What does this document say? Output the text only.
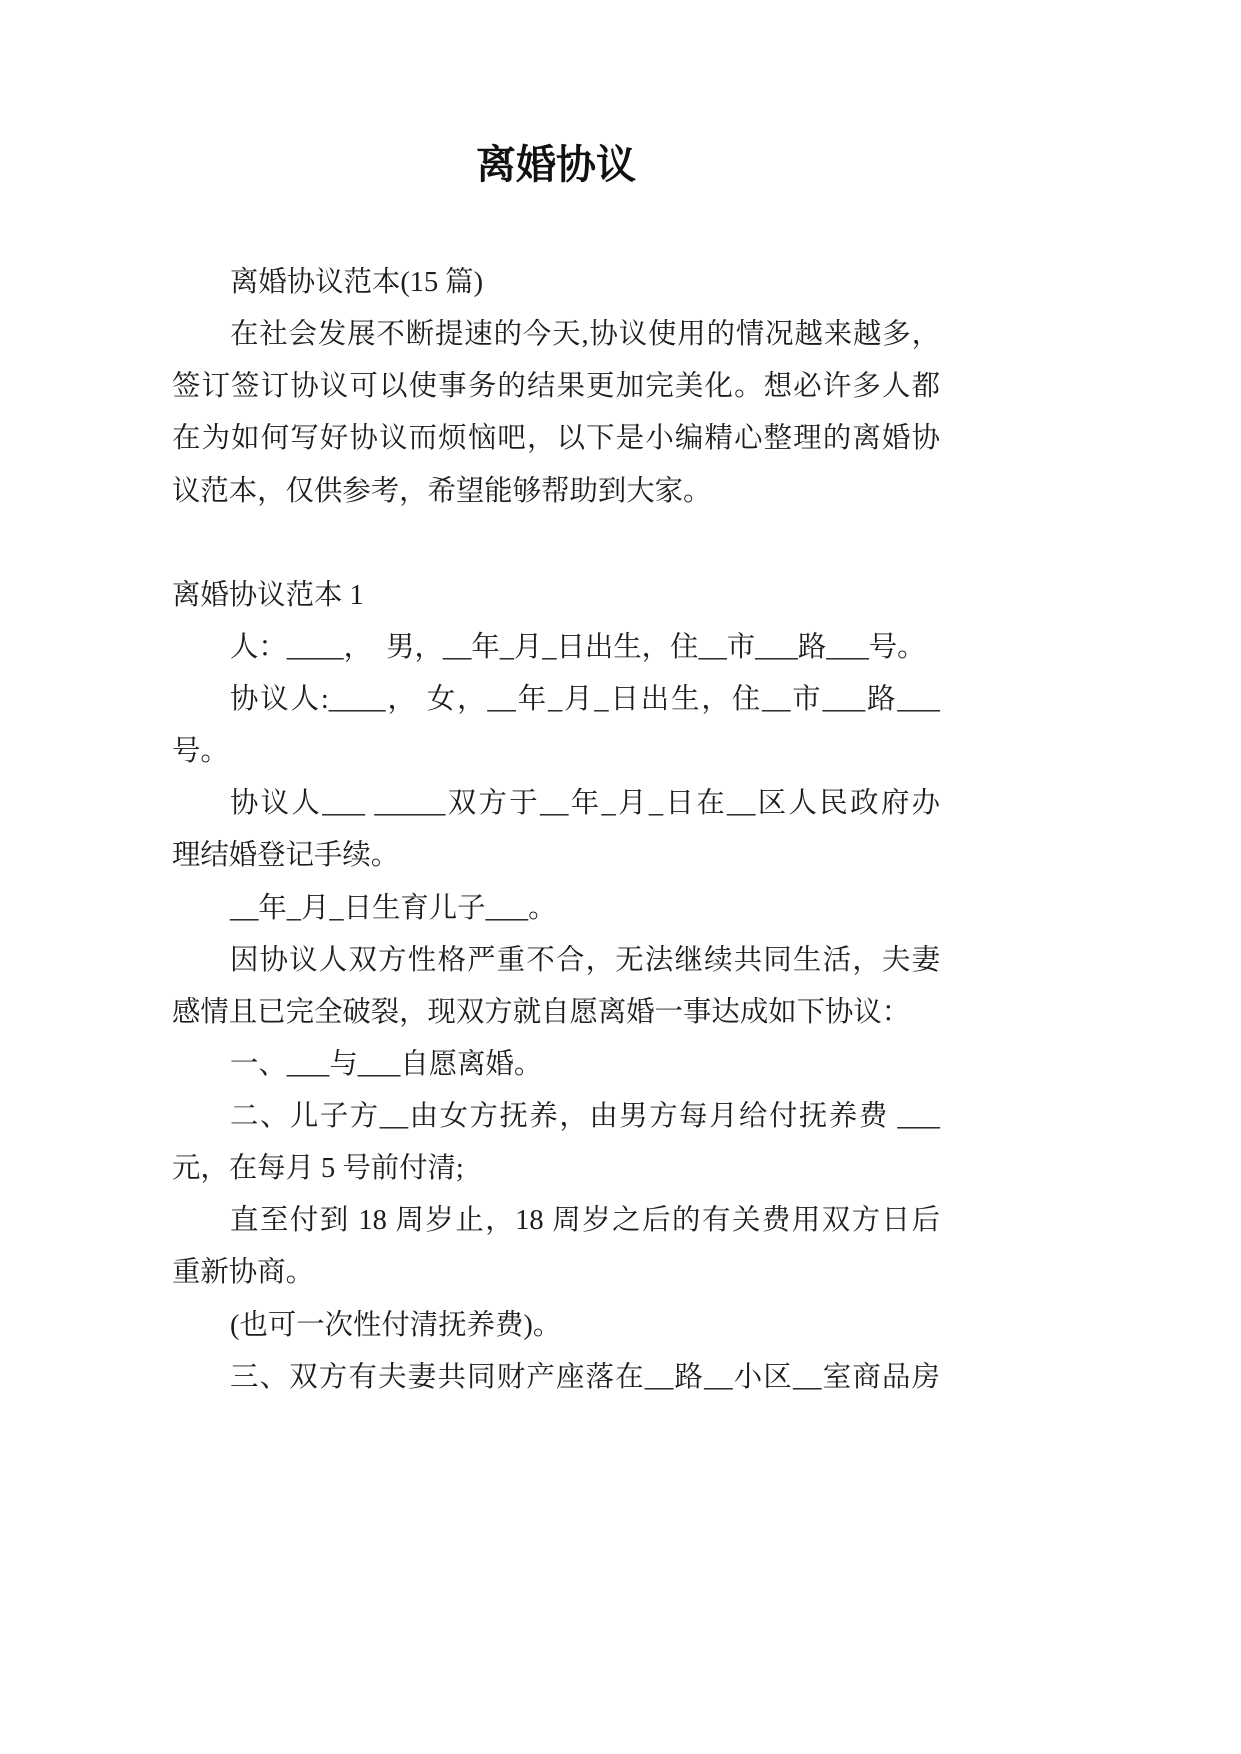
离婚协议
离婚协议范本(15 篇)
在社会发展不断提速的今天,协议使用的情况越来越多，
签订签订协议可以使事务的结果更加完美化。想必许多人都
在为如何写好协议而烦恼吧，以下是小编精心整理的离婚协
议范本，仅供参考，希望能够帮助到大家。
离婚协议范本 1
人：____，  男，__年_月_日出生，住__市___路___号。
协议人:____， 女，__年_月_日出生，住__市___路___
号。
协议人___ _____双方于__年_月_日在__区人民政府办
理结婚登记手续。
__年_月_日生育儿子___。
因协议人双方性格严重不合，无法继续共同生活，夫妻
感情且已完全破裂，现双方就自愿离婚一事达成如下协议：
一、___与___自愿离婚。
二、儿子方__由女方抚养，由男方每月给付抚养费 ___
元，在每月 5 号前付清;
直至付到 18 周岁止，18 周岁之后的有关费用双方日后
重新协商。
(也可一次性付清抚养费)。
三、双方有夫妻共同财产座落在__路__小区__室商品房
